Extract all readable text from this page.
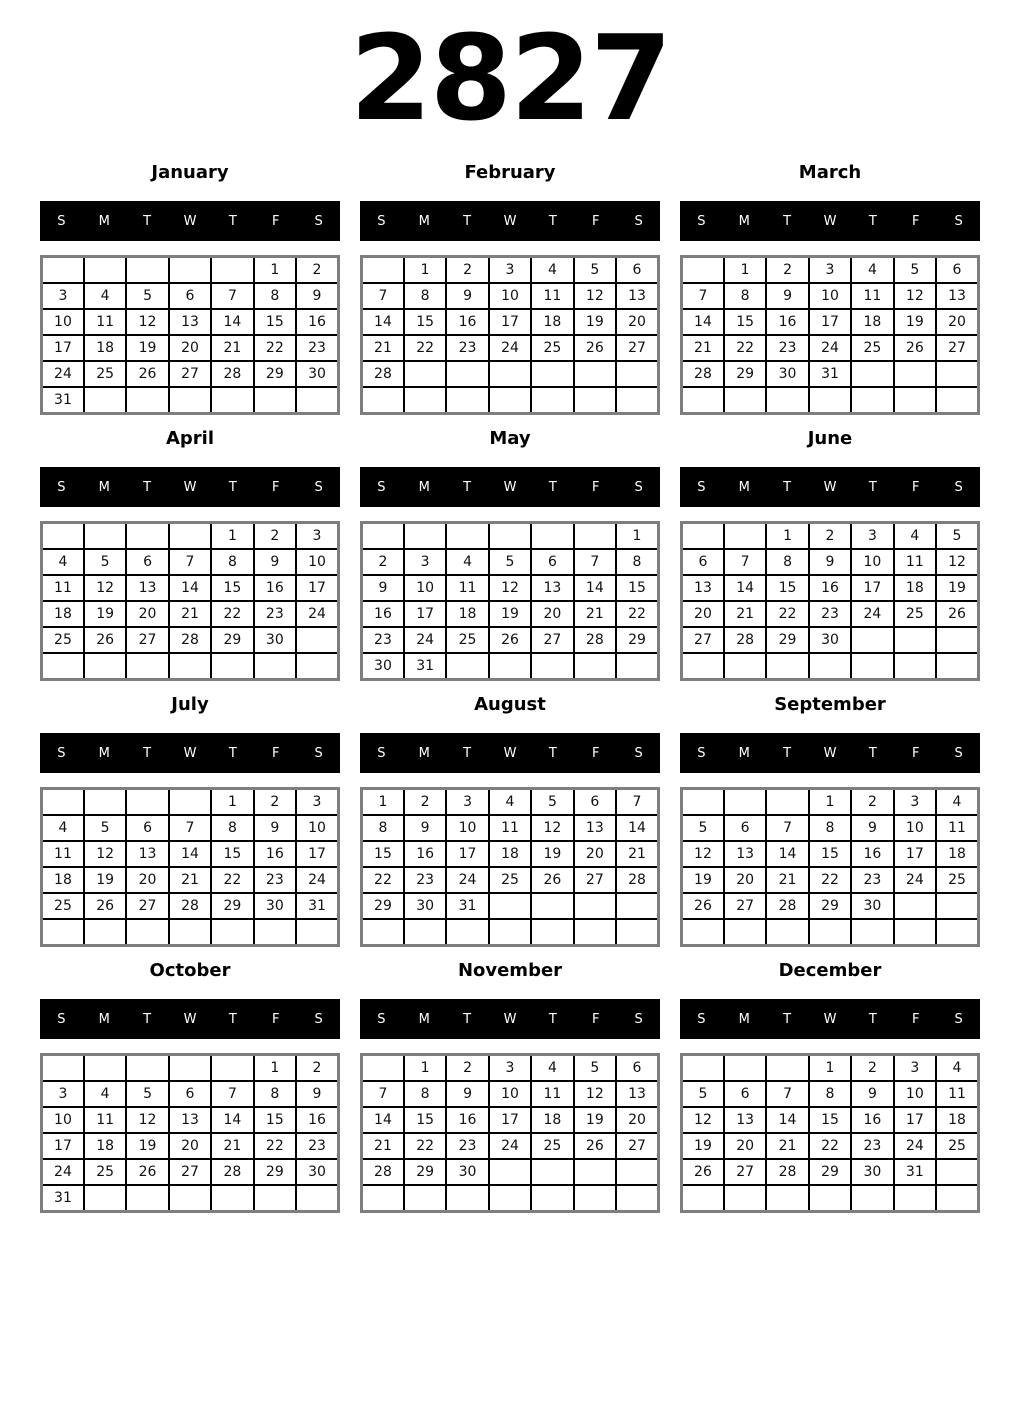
2827
January
S	M	T	W	T	F	S
					1	2
3	4	5	6	7	8	9
10	11	12	13	14	15	16
17	18	19	20	21	22	23
24	25	26	27	28	29	30
31						
February
S	M	T	W	T	F	S
	1	2	3	4	5	6
7	8	9	10	11	12	13
14	15	16	17	18	19	20
21	22	23	24	25	26	27
28						

March
S	M	T	W	T	F	S
	1	2	3	4	5	6
7	8	9	10	11	12	13
14	15	16	17	18	19	20
21	22	23	24	25	26	27
28	29	30	31			

April
S	M	T	W	T	F	S
				1	2	3
4	5	6	7	8	9	10
11	12	13	14	15	16	17
18	19	20	21	22	23	24
25	26	27	28	29	30	

May
S	M	T	W	T	F	S
						1
2	3	4	5	6	7	8
9	10	11	12	13	14	15
16	17	18	19	20	21	22
23	24	25	26	27	28	29
30	31					
June
S	M	T	W	T	F	S
		1	2	3	4	5
6	7	8	9	10	11	12
13	14	15	16	17	18	19
20	21	22	23	24	25	26
27	28	29	30			

July
S	M	T	W	T	F	S
				1	2	3
4	5	6	7	8	9	10
11	12	13	14	15	16	17
18	19	20	21	22	23	24
25	26	27	28	29	30	31

August
S	M	T	W	T	F	S
1	2	3	4	5	6	7
8	9	10	11	12	13	14
15	16	17	18	19	20	21
22	23	24	25	26	27	28
29	30	31				

September
S	M	T	W	T	F	S
			1	2	3	4
5	6	7	8	9	10	11
12	13	14	15	16	17	18
19	20	21	22	23	24	25
26	27	28	29	30		

October
S	M	T	W	T	F	S
					1	2
3	4	5	6	7	8	9
10	11	12	13	14	15	16
17	18	19	20	21	22	23
24	25	26	27	28	29	30
31						
November
S	M	T	W	T	F	S
	1	2	3	4	5	6
7	8	9	10	11	12	13
14	15	16	17	18	19	20
21	22	23	24	25	26	27
28	29	30				

December
S	M	T	W	T	F	S
			1	2	3	4
5	6	7	8	9	10	11
12	13	14	15	16	17	18
19	20	21	22	23	24	25
26	27	28	29	30	31	
